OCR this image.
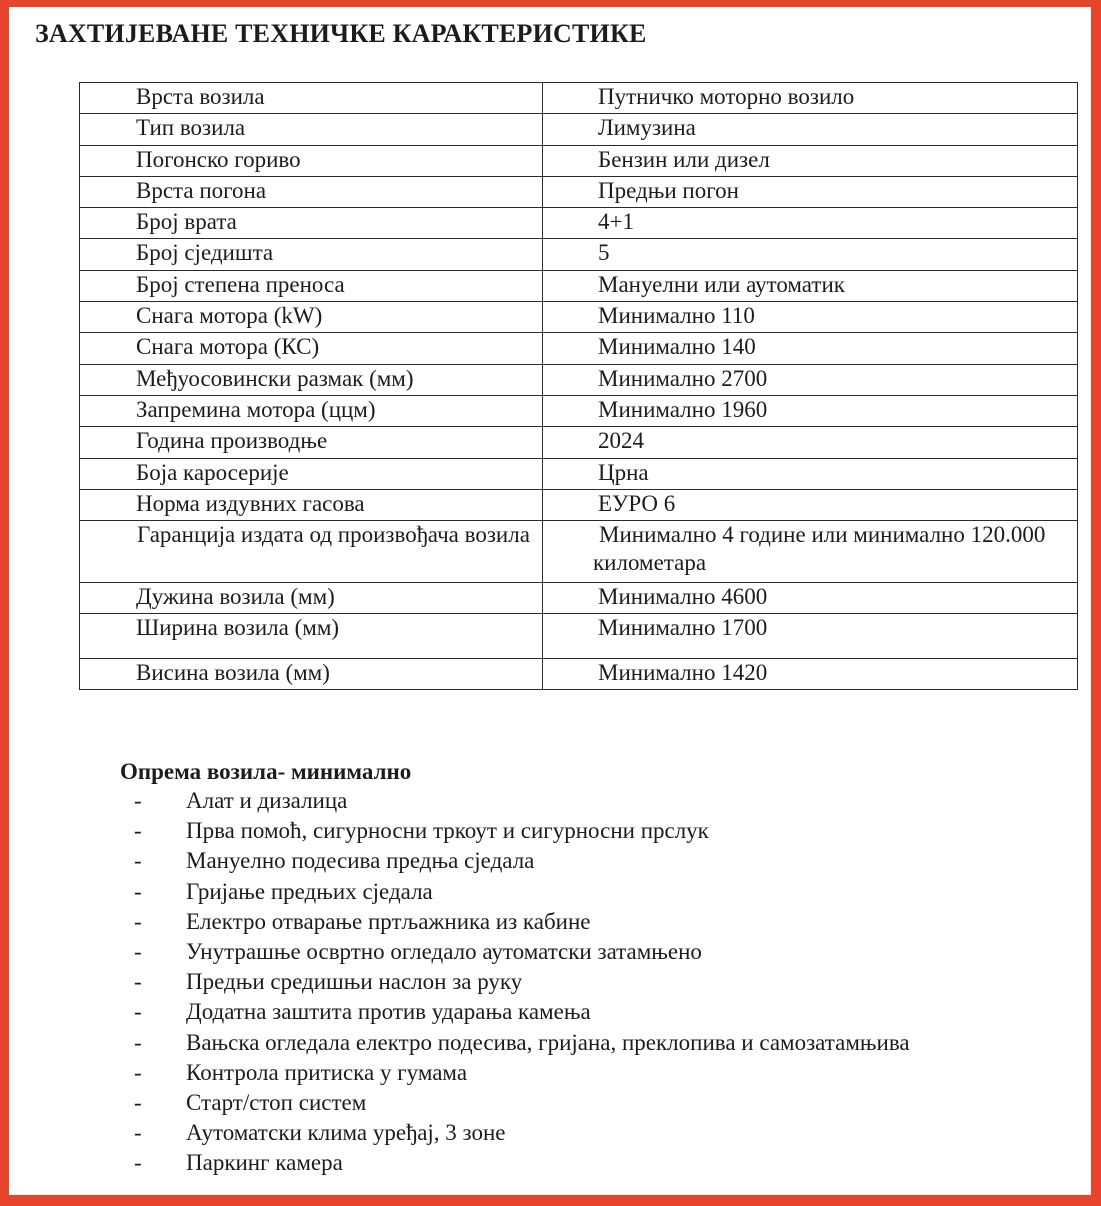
ЗАХТИЈЕВАНЕ ТЕХНИЧКЕ КАРАКТЕРИСТИКЕ
Врста возила	Путничко моторно возило
Тип возила	Лимузина
Погонско гориво	Бензин или дизел
Врста погона	Предњи погон
Број врата	4+1
Број сједишта	5
Број степена преноса	Мануелни или аутоматик
Снага мотора (kW)	Минимално 110
Снага мотора (КС)	Минимално 140
Међуосовински размак (мм)	Минимално 2700
Запремина мотора (ццм)	Минимално 1960
Година производње	2024
Боја каросерије	Црна
Норма издувних гасова	ЕУРО 6
Гаранција издата од произвођача возила	Минимално 4 године или минимално 120.000 километара
Дужина возила (мм)	Минимално 4600
Ширина возила (мм)	Минимално 1700
Висина возила (мм)	Минимално 1420
Опрема возила- минимално
-	Алат и дизалица
-	Прва помоћ, сигурносни тркоут и сигурносни прслук
-	Мануелно подесива предња сједала
-	Гријање предњих сједала
-	Електро отварање пртљажника из кабине
-	Унутрашње освртно огледало аутоматски затамњено
-	Предњи средишњи наслон за руку
-	Додатна заштита против ударања камења
-	Вањска огледала електро подесива, гријана, преклопива и самозатамњива
-	Контрола притиска у гумама
-	Старт/стоп систем
-	Аутоматски клима уређај, 3 зоне
-	Паркинг камера
